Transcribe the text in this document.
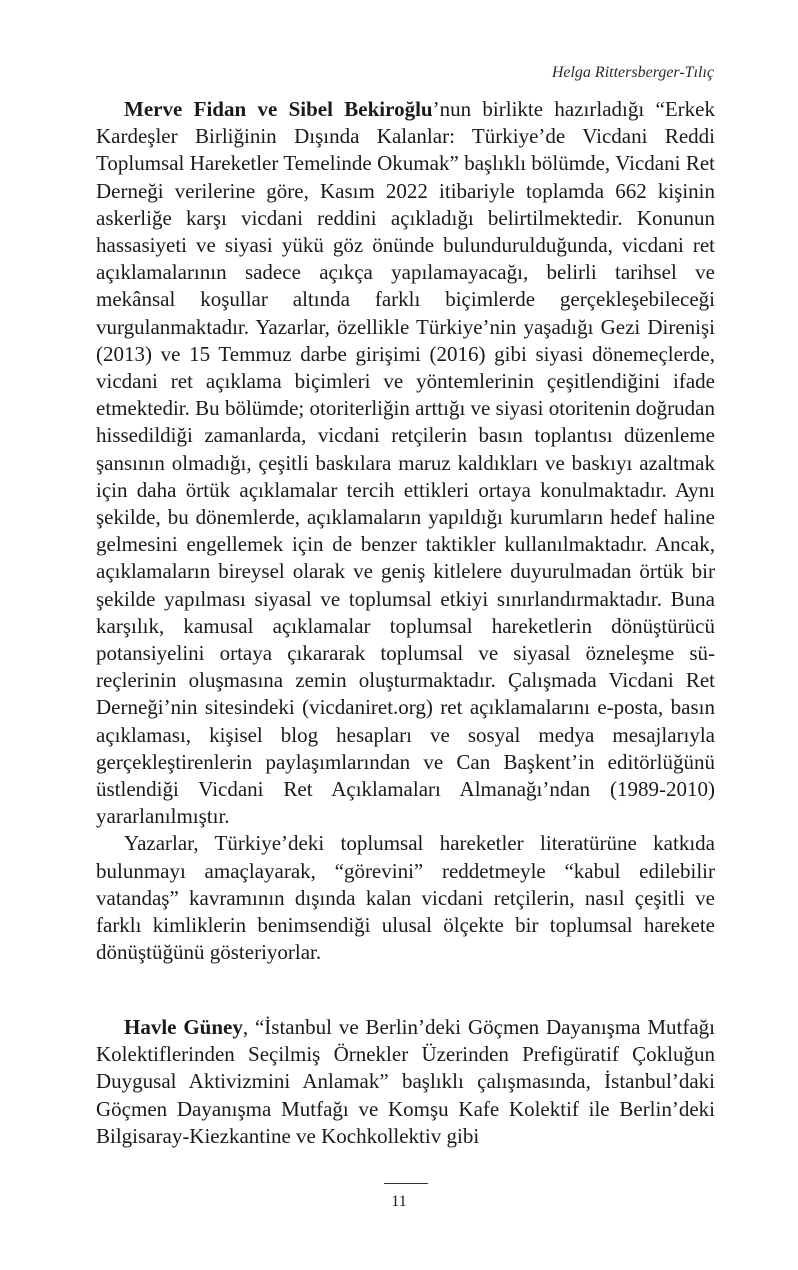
Helga Rittersberger-Tılıç

Merve Fidan ve Sibel Bekiroğlu’nun birlikte hazırladığı “Erkek Kardeşler Birliğinin Dışında Kalanlar: Türkiye’de Vicdani Reddi Toplumsal Hareketler Temelinde Okumak” başlıklı bölümde, Vicdani Ret Derneği verilerine göre, Kasım 2022 itibariyle toplamda 662 kişinin askerliğe karşı vicdani reddini açıkladığı belirtilmektedir. Konunun hassasiyeti ve siyasi yükü göz önünde bulundurulduğunda, vicdani ret açıklamalarının sadece açıkça yapılamayacağı, belirli tarihsel ve mekânsal koşullar altında farklı biçimlerde gerçekleşebileceği vurgulanmaktadır. Yazarlar, özellikle Türkiye’nin yaşadığı Gezi Direnişi (2013) ve 15 Temmuz darbe girişimi (2016) gibi siyasi dönemeçlerde, vicdani ret açıklama biçimleri ve yöntemlerinin çeşitlendiğini ifade etmektedir. Bu bölümde; otoriterliğin arttığı ve siyasi otoritenin doğrudan hissedildiği zamanlarda, vicdani retçilerin basın toplantısı düzenleme şansının olmadığı, çeşitli baskılara maruz kaldıkları ve baskıyı azaltmak için daha örtük açıklamalar tercih ettikleri ortaya konulmaktadır. Aynı şekilde, bu dönemlerde, açıklamaların yapıldığı kurumların hedef haline gelmesini engellemek için de benzer taktikler kullanılmaktadır. Ancak, açıklamaların bireysel olarak ve geniş kitlelere duyurulmadan örtük bir şekilde yapılması siyasal ve toplumsal etkiyi sınırlandırmaktadır. Buna karşılık, kamusal açıklamalar toplumsal hareketlerin dönüştürücü potansiyelini ortaya çıkararak toplumsal ve siyasal özneleşme süreçlerinin oluşmasına zemin oluşturmaktadır. Çalışmada Vicdani Ret Derneği’nin sitesindeki (vicdaniret.org) ret açıklamalarını e-posta, basın açıklaması, kişisel blog hesapları ve sosyal medya mesajlarıyla gerçekleştirenlerin paylaşımlarından ve Can Başkent’in editörlüğünü üstlendiği Vicdani Ret Açıklamaları Almanağı’ndan (1989-2010) yararlanılmıştır.

Yazarlar, Türkiye’deki toplumsal hareketler literatürüne katkıda bulunmayı amaçlayarak, “görevini” reddetmeyle “kabul edilebilir vatandaş” kavramının dışında kalan vicdani retçilerin, nasıl çeşitli ve farklı kimliklerin benimsendiği ulusal ölçekte bir toplumsal harekete dönüştüğünü gösteriyorlar.

Havle Güney, “İstanbul ve Berlin’deki Göçmen Dayanışma Mutfağı Kolektiflerinden Seçilmiş Örnekler Üzerinden Prefigüratif Çokluğun Duygusal Aktivizmini Anlamak” başlıklı çalışmasında, İstanbul’daki Göçmen Dayanışma Mutfağı ve Komşu Kafe Kolektif ile Berlin’deki Bilgisaray-Kiezkantine ve Kochkollektiv gibi

11
